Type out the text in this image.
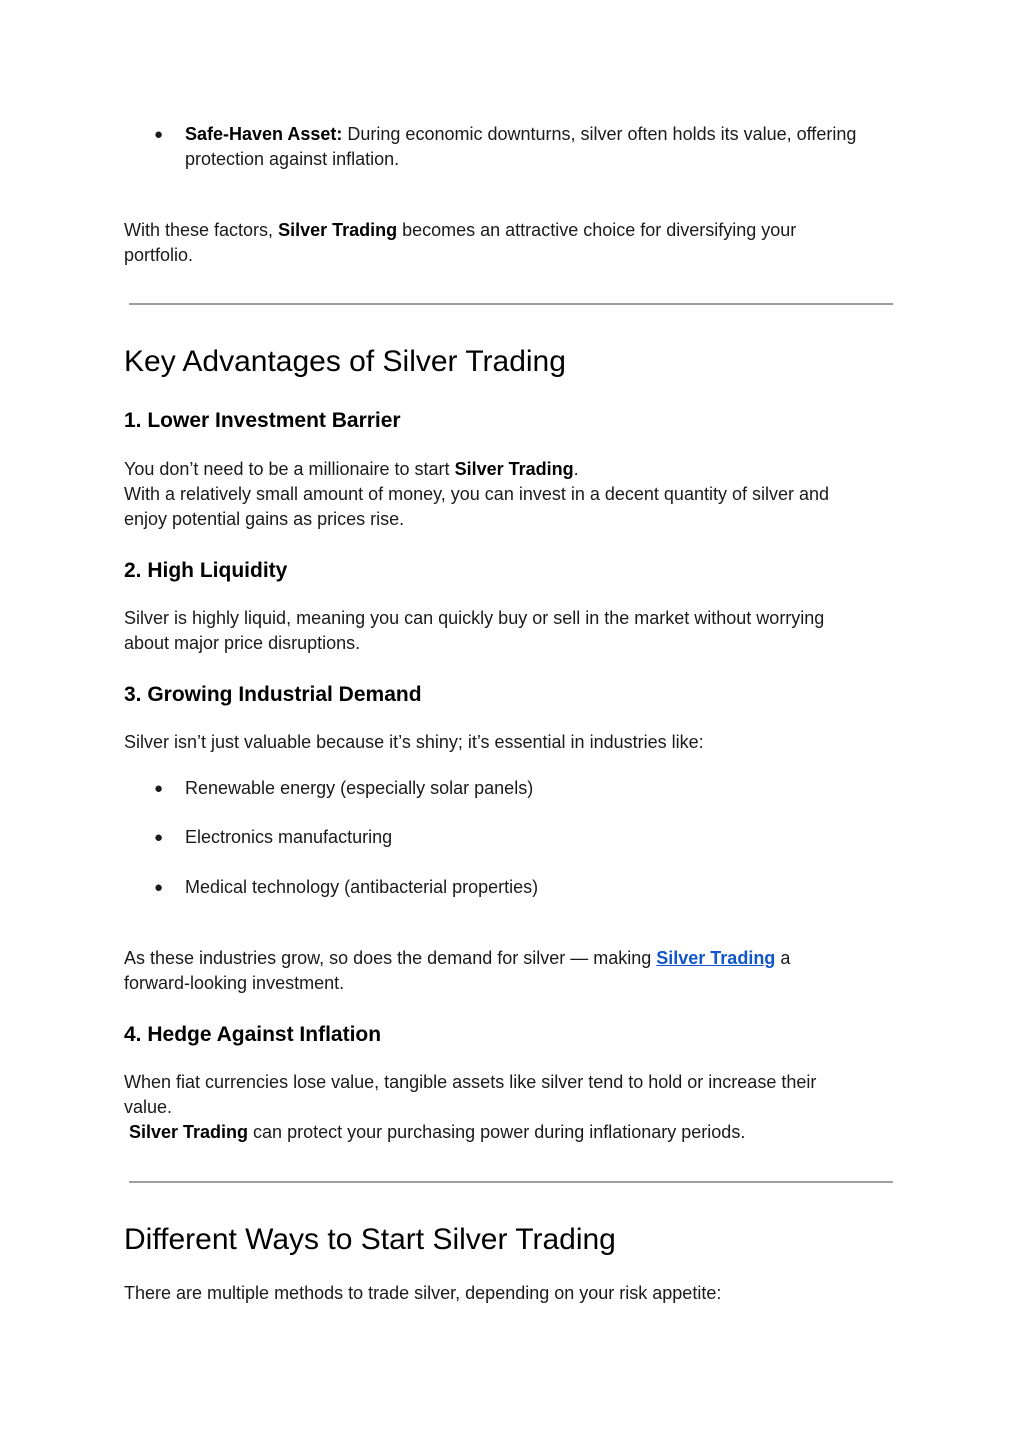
● Safe-Haven Asset: During economic downturns, silver often holds its value, offering
protection against inflation.

With these factors, Silver Trading becomes an attractive choice for diversifying your
portfolio.

Key Advantages of Silver Trading
1. Lower Investment Barrier

You don’t need to be a millionaire to start Silver Trading.
With a relatively small amount of money, you can invest in a decent quantity of silver and
enjoy potential gains as prices rise.

2. High Liquidity

Silver is highly liquid, meaning you can quickly buy or sell in the market without worrying
about major price disruptions.

3. Growing Industrial Demand

Silver isn’t just valuable because it’s shiny; it’s essential in industries like:

● Renewable energy (especially solar panels)
● Electronics manufacturing
● Medical technology (antibacterial properties)

As these industries grow, so does the demand for silver — making Silver Trading a
forward-looking investment.

4. Hedge Against Inflation

When fiat currencies lose value, tangible assets like silver tend to hold or increase their
value.
Silver Trading can protect your purchasing power during inflationary periods.

Different Ways to Start Silver Trading

There are multiple methods to trade silver, depending on your risk appetite:
